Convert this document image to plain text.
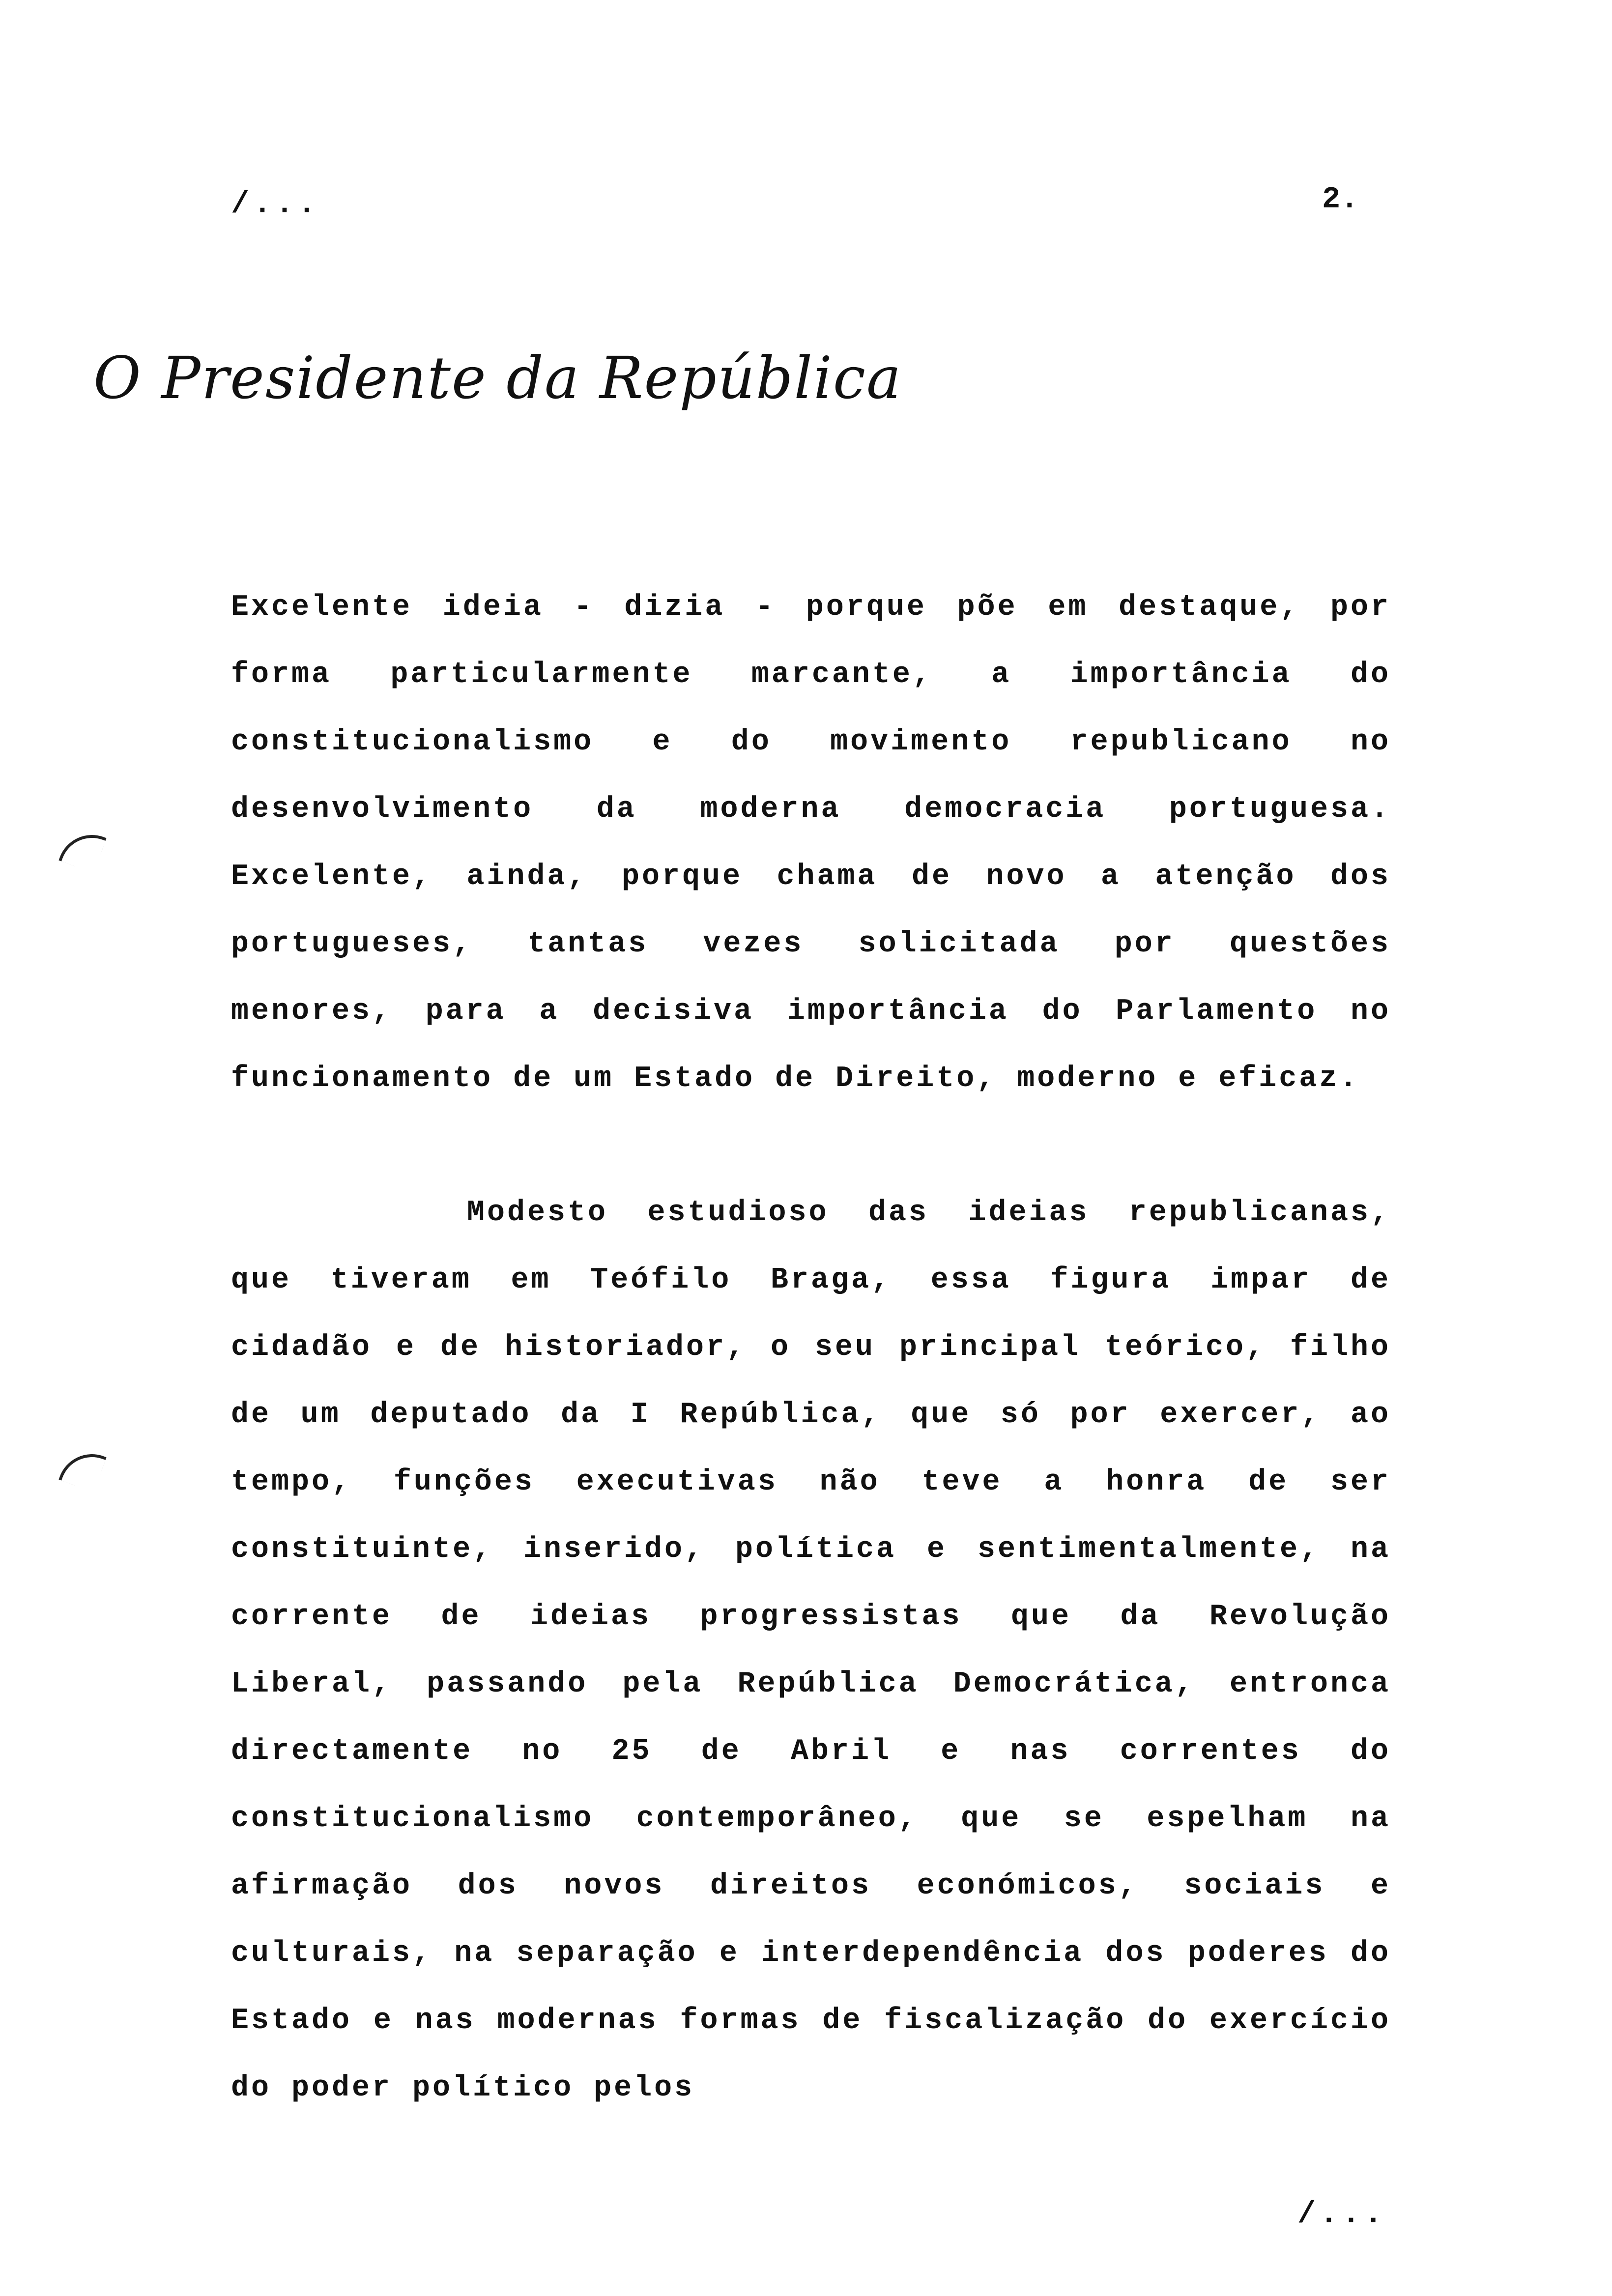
/...	2.
O Presidente da República

Excelente ideia - dizia - porque põe em destaque, por forma particularmente marcante, a importância do constitucionalismo e do movimento republicano no desenvolvimento da moderna democracia portuguesa. Excelente, ainda, porque chama de novo a atenção dos portugueses, tantas vezes solicitada por questões menores, para a decisiva importância do Parlamento no funcionamento de um Estado de Direito, moderno e eficaz.

Modesto estudioso das ideias republicanas, que tiveram em Teófilo Braga, essa figura impar de cidadão e de historiador, o seu principal teórico, filho de um deputado da I República, que só por exercer, ao tempo, funções executivas não teve a honra de ser constituinte, inserido, política e sentimentalmente, na corrente de ideias progressistas que da Revolução Liberal, passando pela República Democrática, entronca directamente no 25 de Abril e nas correntes do constitucionalismo contemporâneo, que se espelham na afirmação dos novos direitos económicos, sociais e culturais, na separação e interdependência dos poderes do Estado e nas modernas formas de fiscalização do exercício do poder político pelos

/...
